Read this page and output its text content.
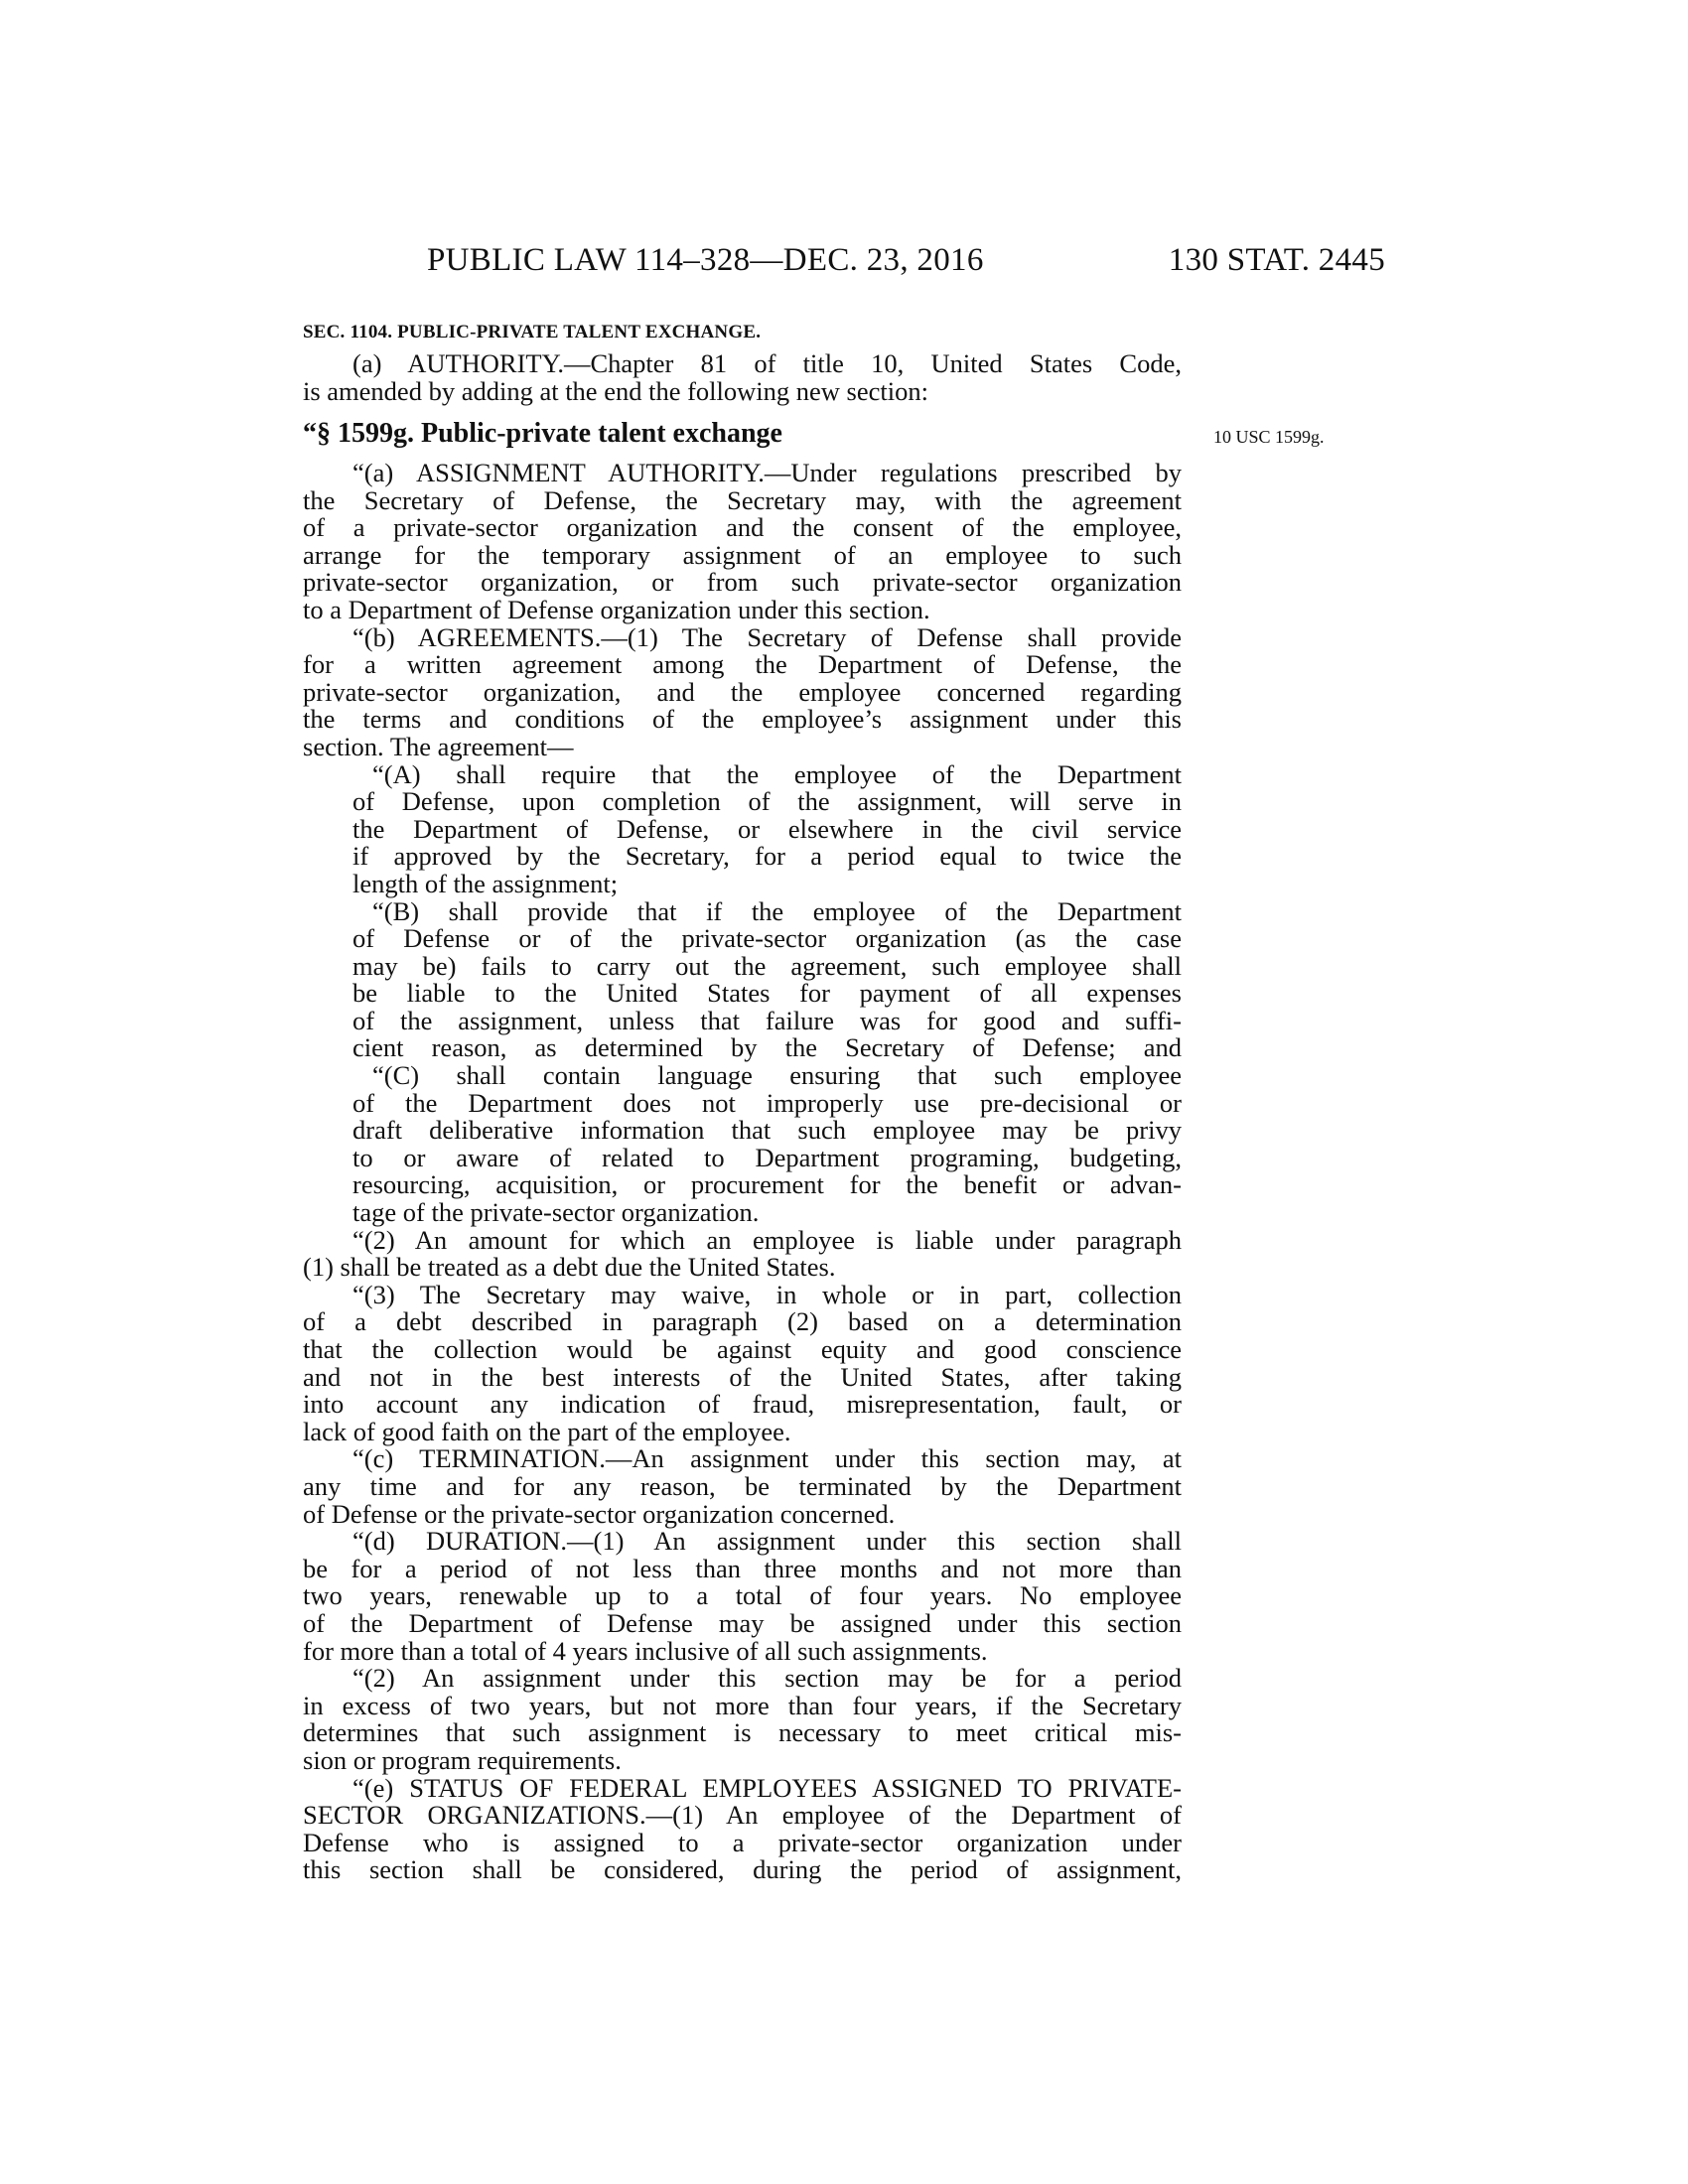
PUBLIC LAW 114–328—DEC. 23, 2016	130 STAT. 2445
SEC. 1104. PUBLIC-PRIVATE TALENT EXCHANGE.
(a) AUTHORITY.—Chapter 81 of title 10, United States Code,
is amended by adding at the end the following new section:
“§ 1599g. Public-private talent exchange	10 USC 1599g.
“(a) ASSIGNMENT AUTHORITY.—Under regulations prescribed by
the Secretary of Defense, the Secretary may, with the agreement
of a private-sector organization and the consent of the employee,
arrange for the temporary assignment of an employee to such
private-sector organization, or from such private-sector organization
to a Department of Defense organization under this section.
“(b) AGREEMENTS.—(1) The Secretary of Defense shall provide
for a written agreement among the Department of Defense, the
private-sector organization, and the employee concerned regarding
the terms and conditions of the employee’s assignment under this
section. The agreement—
“(A) shall require that the employee of the Department
of Defense, upon completion of the assignment, will serve in
the Department of Defense, or elsewhere in the civil service
if approved by the Secretary, for a period equal to twice the
length of the assignment;
“(B) shall provide that if the employee of the Department
of Defense or of the private-sector organization (as the case
may be) fails to carry out the agreement, such employee shall
be liable to the United States for payment of all expenses
of the assignment, unless that failure was for good and suffi-
cient reason, as determined by the Secretary of Defense; and
“(C) shall contain language ensuring that such employee
of the Department does not improperly use pre-decisional or
draft deliberative information that such employee may be privy
to or aware of related to Department programing, budgeting,
resourcing, acquisition, or procurement for the benefit or advan-
tage of the private-sector organization.
“(2) An amount for which an employee is liable under paragraph
(1) shall be treated as a debt due the United States.
“(3) The Secretary may waive, in whole or in part, collection
of a debt described in paragraph (2) based on a determination
that the collection would be against equity and good conscience
and not in the best interests of the United States, after taking
into account any indication of fraud, misrepresentation, fault, or
lack of good faith on the part of the employee.
“(c) TERMINATION.—An assignment under this section may, at
any time and for any reason, be terminated by the Department
of Defense or the private-sector organization concerned.
“(d) DURATION.—(1) An assignment under this section shall
be for a period of not less than three months and not more than
two years, renewable up to a total of four years. No employee
of the Department of Defense may be assigned under this section
for more than a total of 4 years inclusive of all such assignments.
“(2) An assignment under this section may be for a period
in excess of two years, but not more than four years, if the Secretary
determines that such assignment is necessary to meet critical mis-
sion or program requirements.
“(e) STATUS OF FEDERAL EMPLOYEES ASSIGNED TO PRIVATE-
SECTOR ORGANIZATIONS.—(1) An employee of the Department of
Defense who is assigned to a private-sector organization under
this section shall be considered, during the period of assignment,
